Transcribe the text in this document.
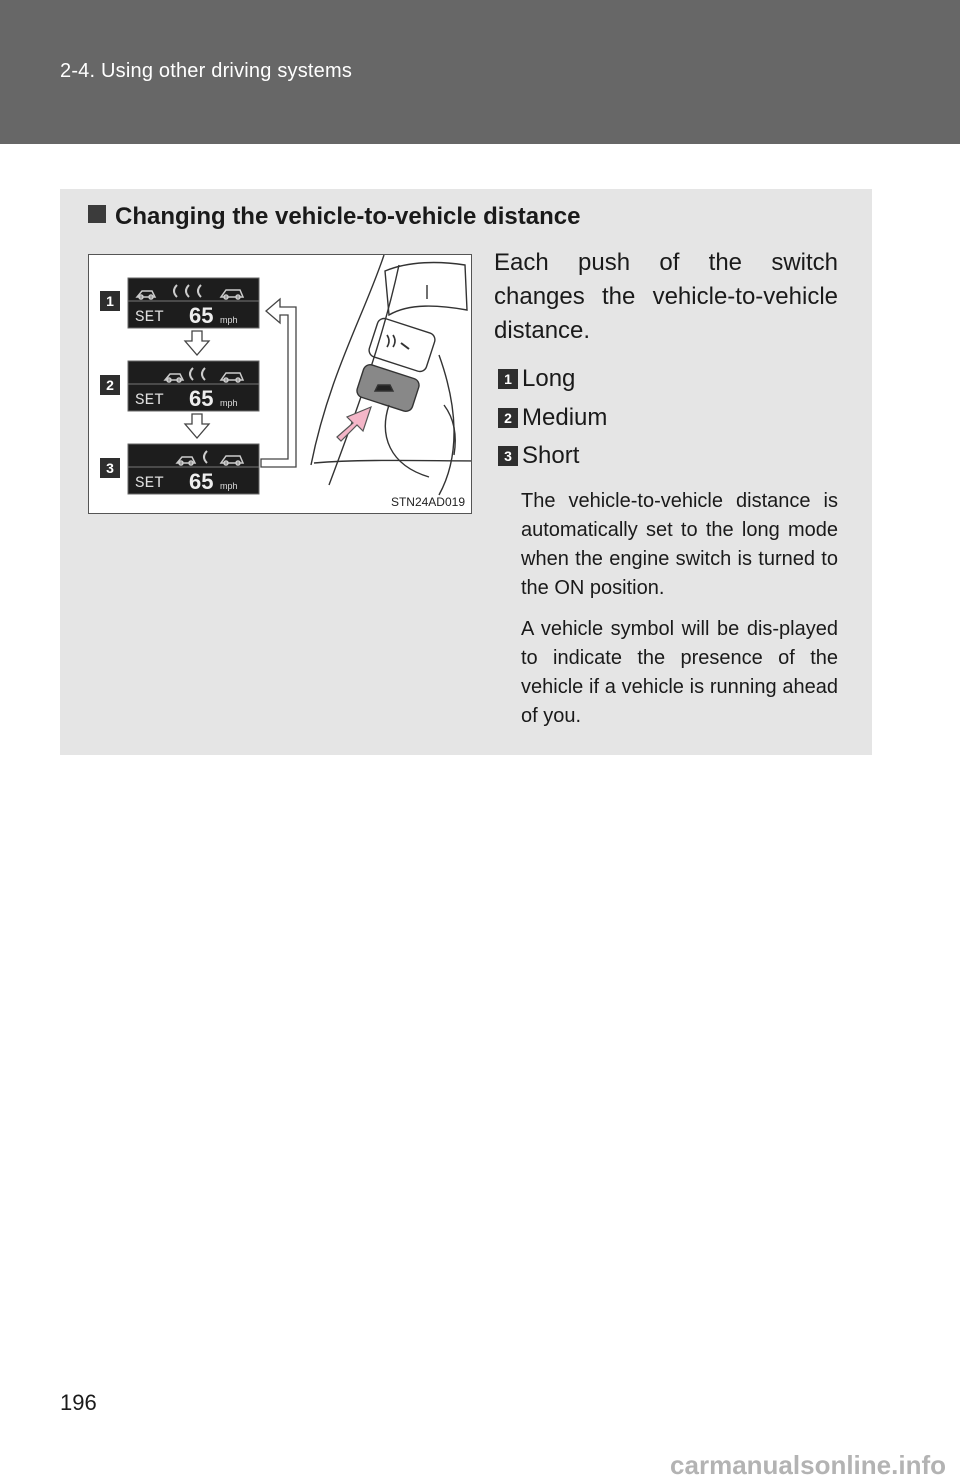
2-4. Using other driving systems
Changing the vehicle-to-vehicle distance
1
2
3
SET 65 mph
SET 65 mph
SET 65 mph
STN24AD019
Each push of the switch changes the vehicle-to-vehicle distance.
1 Long
2 Medium
3 Short
The vehicle-to-vehicle distance is automatically set to the long mode when the engine switch is turned to the ON position.
A vehicle symbol will be dis-played to indicate the presence of the vehicle if a vehicle is running ahead of you.
196
carmanualsonline.info
